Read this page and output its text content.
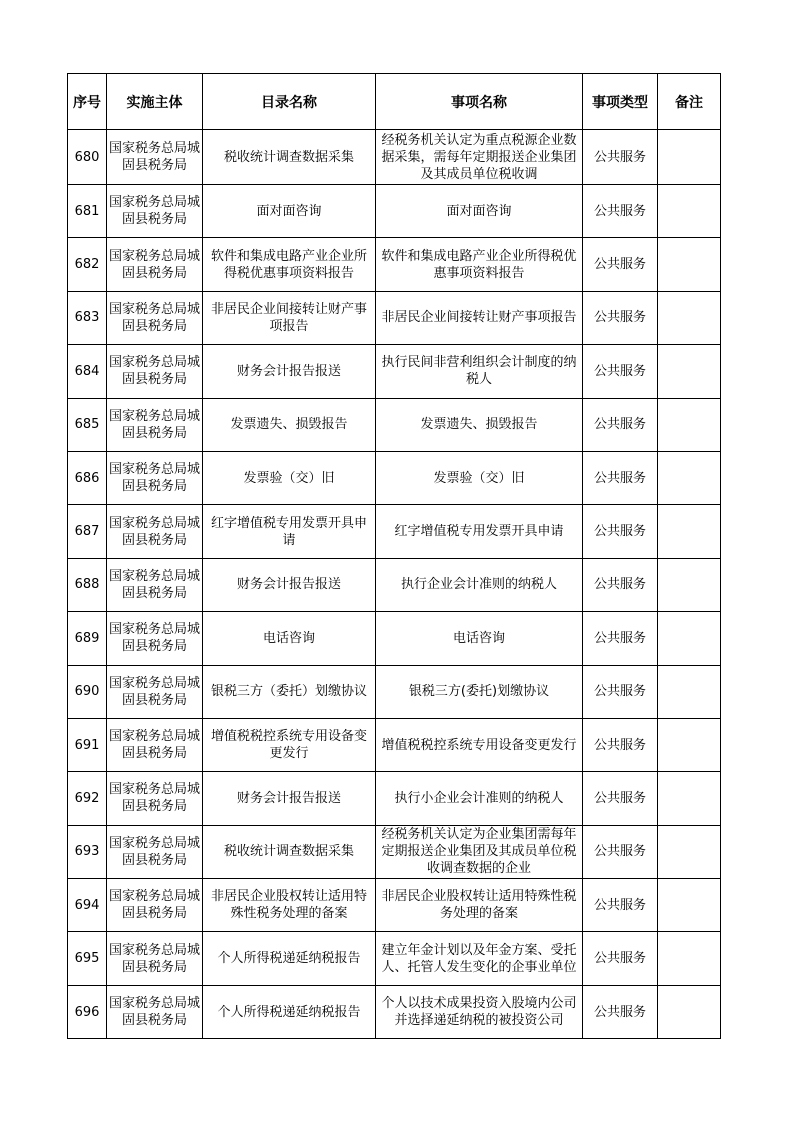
序号	实施主体	目录名称	事项名称	事项类型	备注

680	国家税务总局城固县税务局	税收统计调查数据采集	经税务机关认定为重点税源企业数据采集，需每年定期报送企业集团及其成员单位税收调	公共服务	

681	国家税务总局城固县税务局	面对面咨询	面对面咨询	公共服务	

682	国家税务总局城固县税务局	软件和集成电路产业企业所得税优惠事项资料报告	软件和集成电路产业企业所得税优惠事项资料报告	公共服务	

683	国家税务总局城固县税务局	非居民企业间接转让财产事项报告	非居民企业间接转让财产事项报告	公共服务	

684	国家税务总局城固县税务局	财务会计报告报送	执行民间非营利组织会计制度的纳税人	公共服务	

685	国家税务总局城固县税务局	发票遗失、损毁报告	发票遗失、损毁报告	公共服务	

686	国家税务总局城固县税务局	发票验（交）旧	发票验（交）旧	公共服务	

687	国家税务总局城固县税务局	红字增值税专用发票开具申请	红字增值税专用发票开具申请	公共服务	

688	国家税务总局城固县税务局	财务会计报告报送	执行企业会计准则的纳税人	公共服务	

689	国家税务总局城固县税务局	电话咨询	电话咨询	公共服务	

690	国家税务总局城固县税务局	银税三方（委托）划缴协议	银税三方(委托)划缴协议	公共服务	

691	国家税务总局城固县税务局	增值税税控系统专用设备变更发行	增值税税控系统专用设备变更发行	公共服务	

692	国家税务总局城固县税务局	财务会计报告报送	执行小企业会计准则的纳税人	公共服务	

693	国家税务总局城固县税务局	税收统计调查数据采集	经税务机关认定为企业集团需每年定期报送企业集团及其成员单位税收调查数据的企业	公共服务	

694	国家税务总局城固县税务局	非居民企业股权转让适用特殊性税务处理的备案	非居民企业股权转让适用特殊性税务处理的备案	公共服务	

695	国家税务总局城固县税务局	个人所得税递延纳税报告	建立年金计划以及年金方案、受托人、托管人发生变化的企事业单位	公共服务	

696	国家税务总局城固县税务局	个人所得税递延纳税报告	个人以技术成果投资入股境内公司并选择递延纳税的被投资公司	公共服务	
